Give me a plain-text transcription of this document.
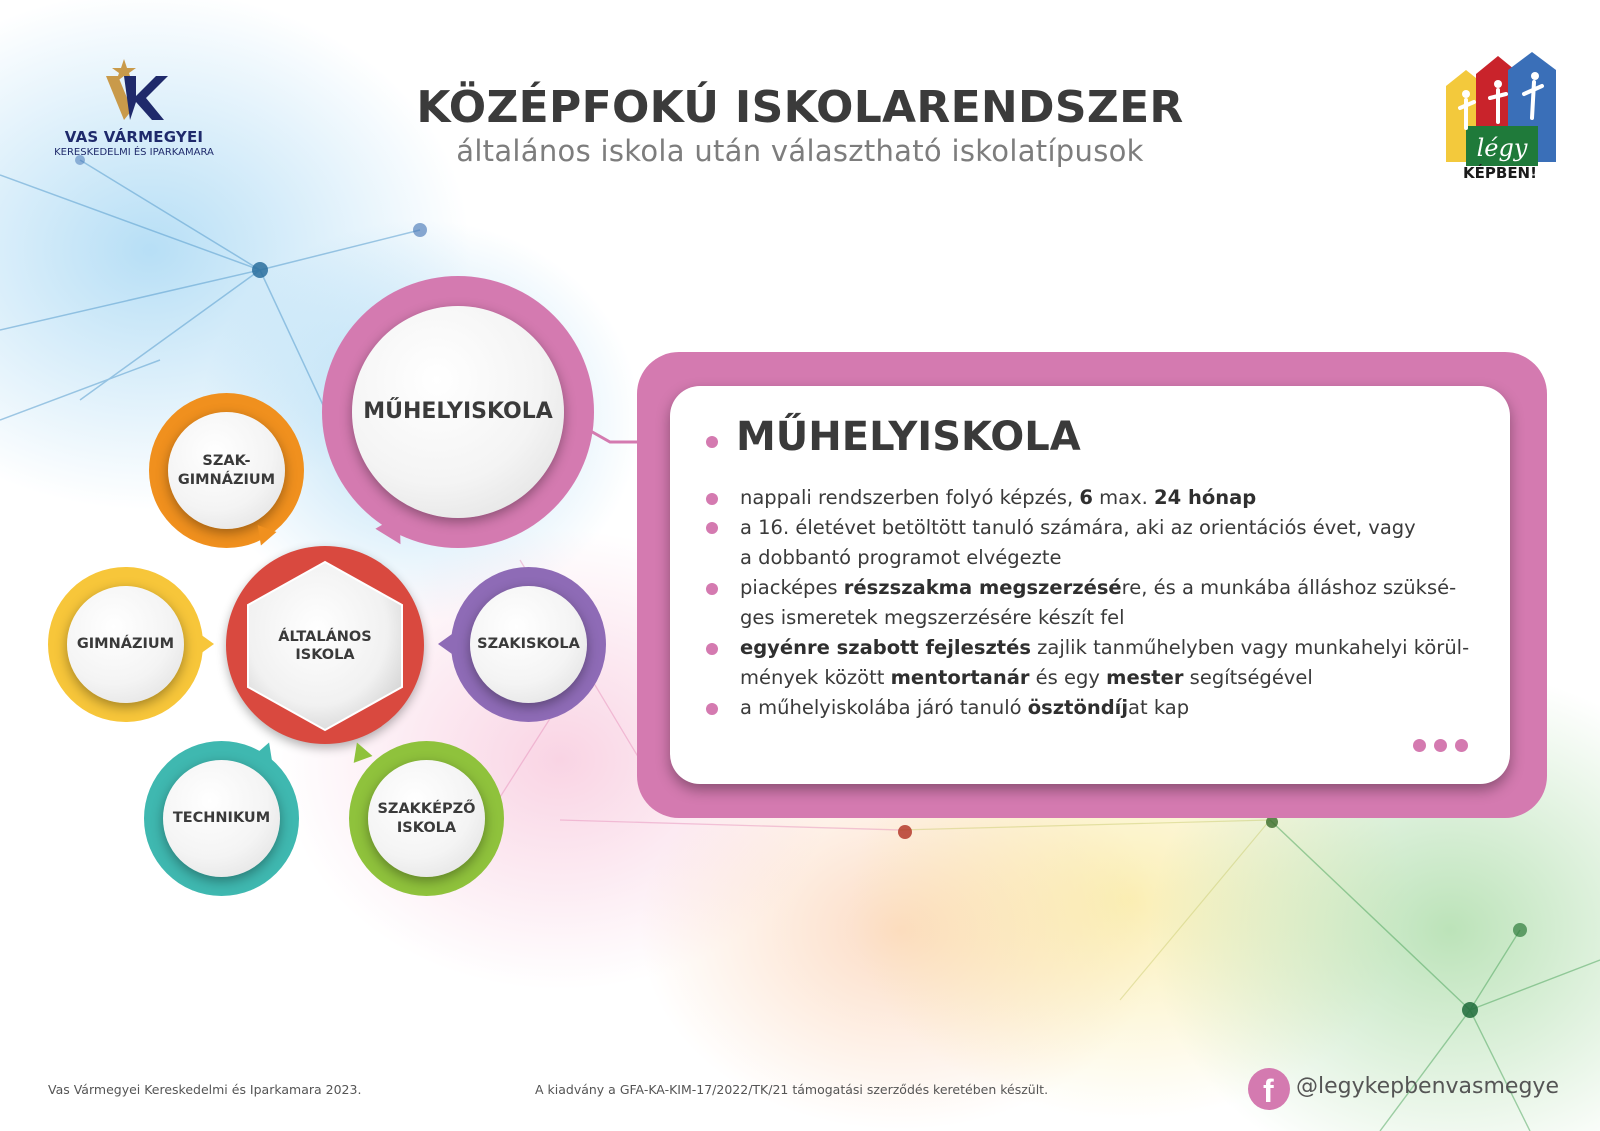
VAS VÁRMEGYEI
KERESKEDELMI ÉS IPARKAMARA
KÖZÉPFOKÚ ISKOLARENDSZER
általános iskola után választható iskolatípusok	légy
KÉPBEN!
MŰHELYISKOLA
SZAK-
GIMNÁZIUM
GIMNÁZIUM	ÁLTALÁNOS
ISKOLA
SZAKISKOLA
TECHNIKUM
SZAKKÉPZŐ
ISKOLA
MŰHELYISKOLA
nappali rendszerben folyó képzés, 6 max. 24 hónap
a 16. életévet betöltött tanuló számára, aki az orientációs évet, vagy
a dobbantó programot elvégezte
piacképes részszakma megszerzésére, és a munkába álláshoz szüksé-
ges ismeretek megszerzésére készít fel
egyénre szabott fejlesztés zajlik tanműhelyben vagy munkahelyi körül-
mények között mentortanár és egy mester segítségével
a műhelyiskolába járó tanuló ösztöndíjat kap
Vas Vármegyei Kereskedelmi és Iparkamara 2023.	A kiadvány a GFA-KA-KIM-17/2022/TK/21 támogatási szerződés keretében készült.	f @legykepbenvasmegye
